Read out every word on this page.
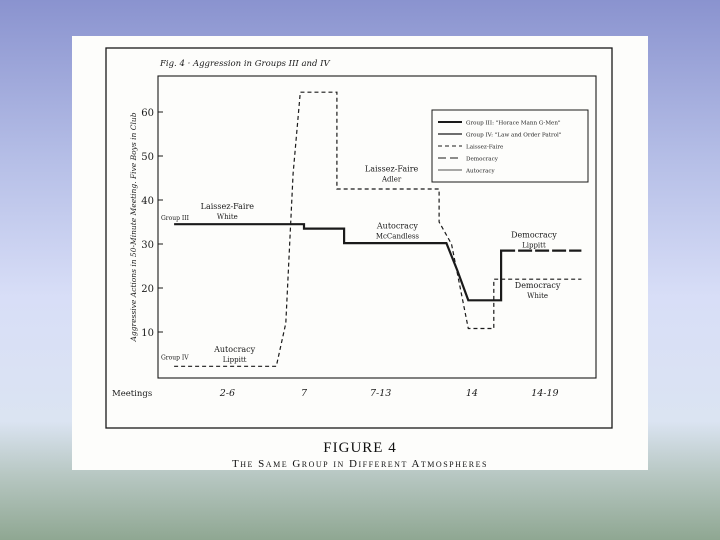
Fig. 4 · Aggression in Groups III and IV
Group III: "Horace Mann G-Men"
Group IV: "Law and Order Patrol"
Laissez-Faire
Democracy
Autocracy
10
20
30
40
50
60
Aggressive Actions in 50-Minute Meeting. Five Boys in Club
Meetings	2-6	7	7-13	14	14-19
Group III
Group IV
Laissez-Faire
White
Autocracy
Lippitt
Laissez-Faire
Adler
Autocracy
McCandless	Democracy
Lippitt
Democracy
White
FIGURE 4
The Same Group in Different Atmospheres
